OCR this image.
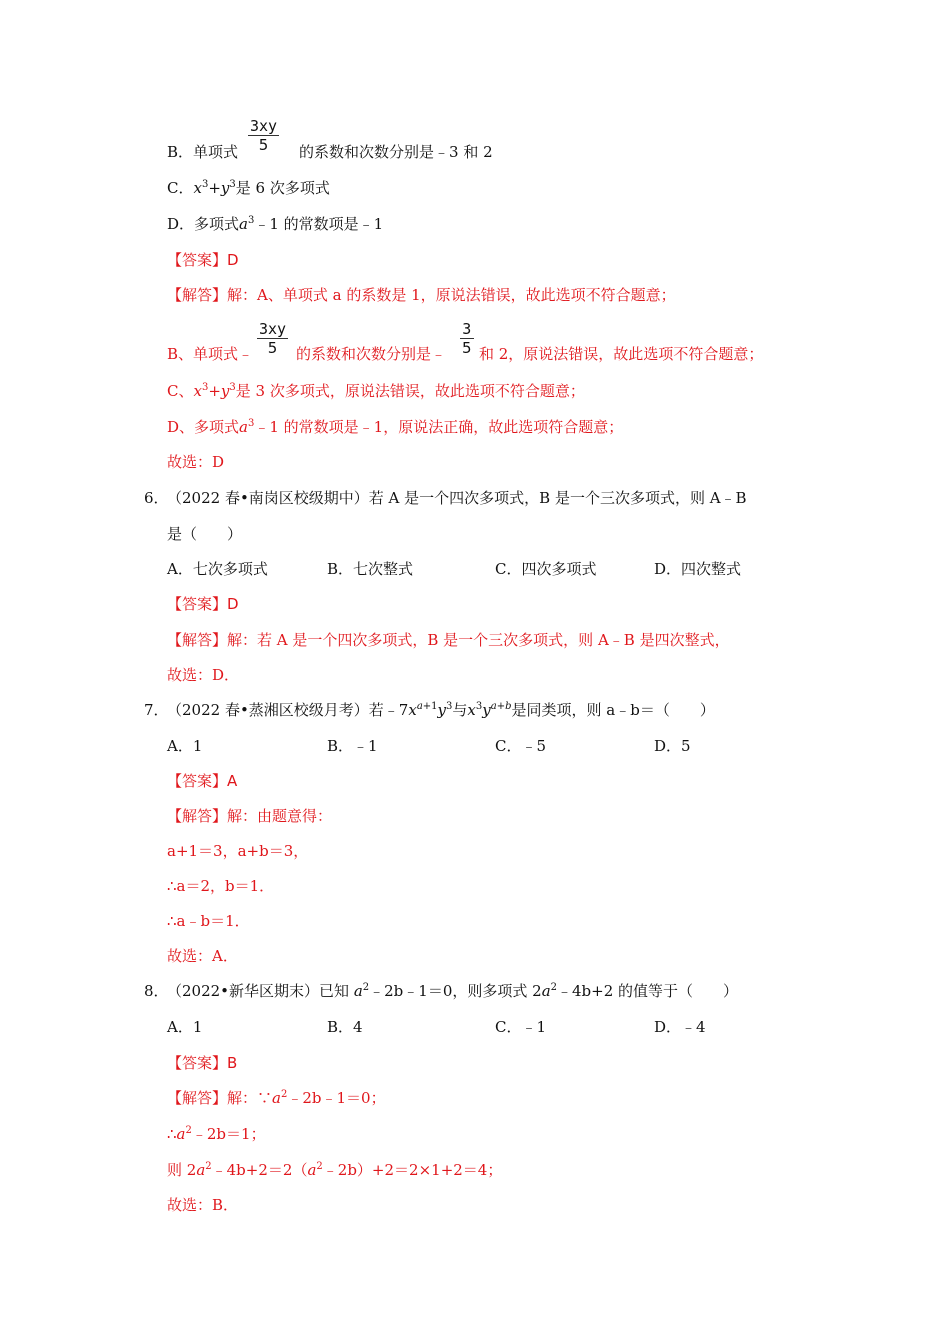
B．单项式 $\frac{3xy}{5}$ 的系数和次数分别是﹣3 和 2
C．$x^3+y^3$是 6 次多项式
D．多项式$a^3﹣1$ 的常数项是﹣1
【答案】D
【解答】解：A、单项式 a 的系数是 1，原说法错误，故此选项不符合题意；
B、单项式﹣ $\frac{3xy}{5}$ 的系数和次数分别是﹣ $\frac{3}{5}$ 和 2，原说法错误，故此选项不符合题意；
C、$x^3+y^3$是 3 次多项式，原说法错误，故此选项不符合题意；
D、多项式$a^3﹣1$ 的常数项是﹣1，原说法正确，故此选项符合题意；
故选：D
6．
（2022 春•南岗区校级期中）若 A 是一个四次多项式，B 是一个三次多项式，则 A﹣B
是（　　）
A．七次多项式	B．七次整式	C．四次多项式	D．四次整式
【答案】D
【解答】解：若 A 是一个四次多项式，B 是一个三次多项式，则 A﹣B 是四次整式，
故选：D．
7．
（2022 春•蒸湘区校级月考）若$﹣7x^{a+1}y^3$与$x^3y^{a+b}$是同类项，则 a﹣b＝（　　）
A．1	B．﹣1	C．﹣5	D．5
【答案】A
【解答】解：由题意得：
a+1＝3，a+b＝3，
∴a＝2，b＝1．
∴a﹣b＝1．
故选：A．
8．
（2022•新华区期末）已知 $a^2﹣2b﹣1=0$，则多项式 $2a^2﹣4b+2$ 的值等于（　　）
A．1	B．4	C．﹣1	D．﹣4
【答案】B
【解答】解：$\because a^2﹣2b﹣1=0$；
$\therefore a^2﹣2b=1$；
则 $2a^2﹣4b+2=2(a^2﹣2b)+2=2\times 1+2=4$；
故选：B．
